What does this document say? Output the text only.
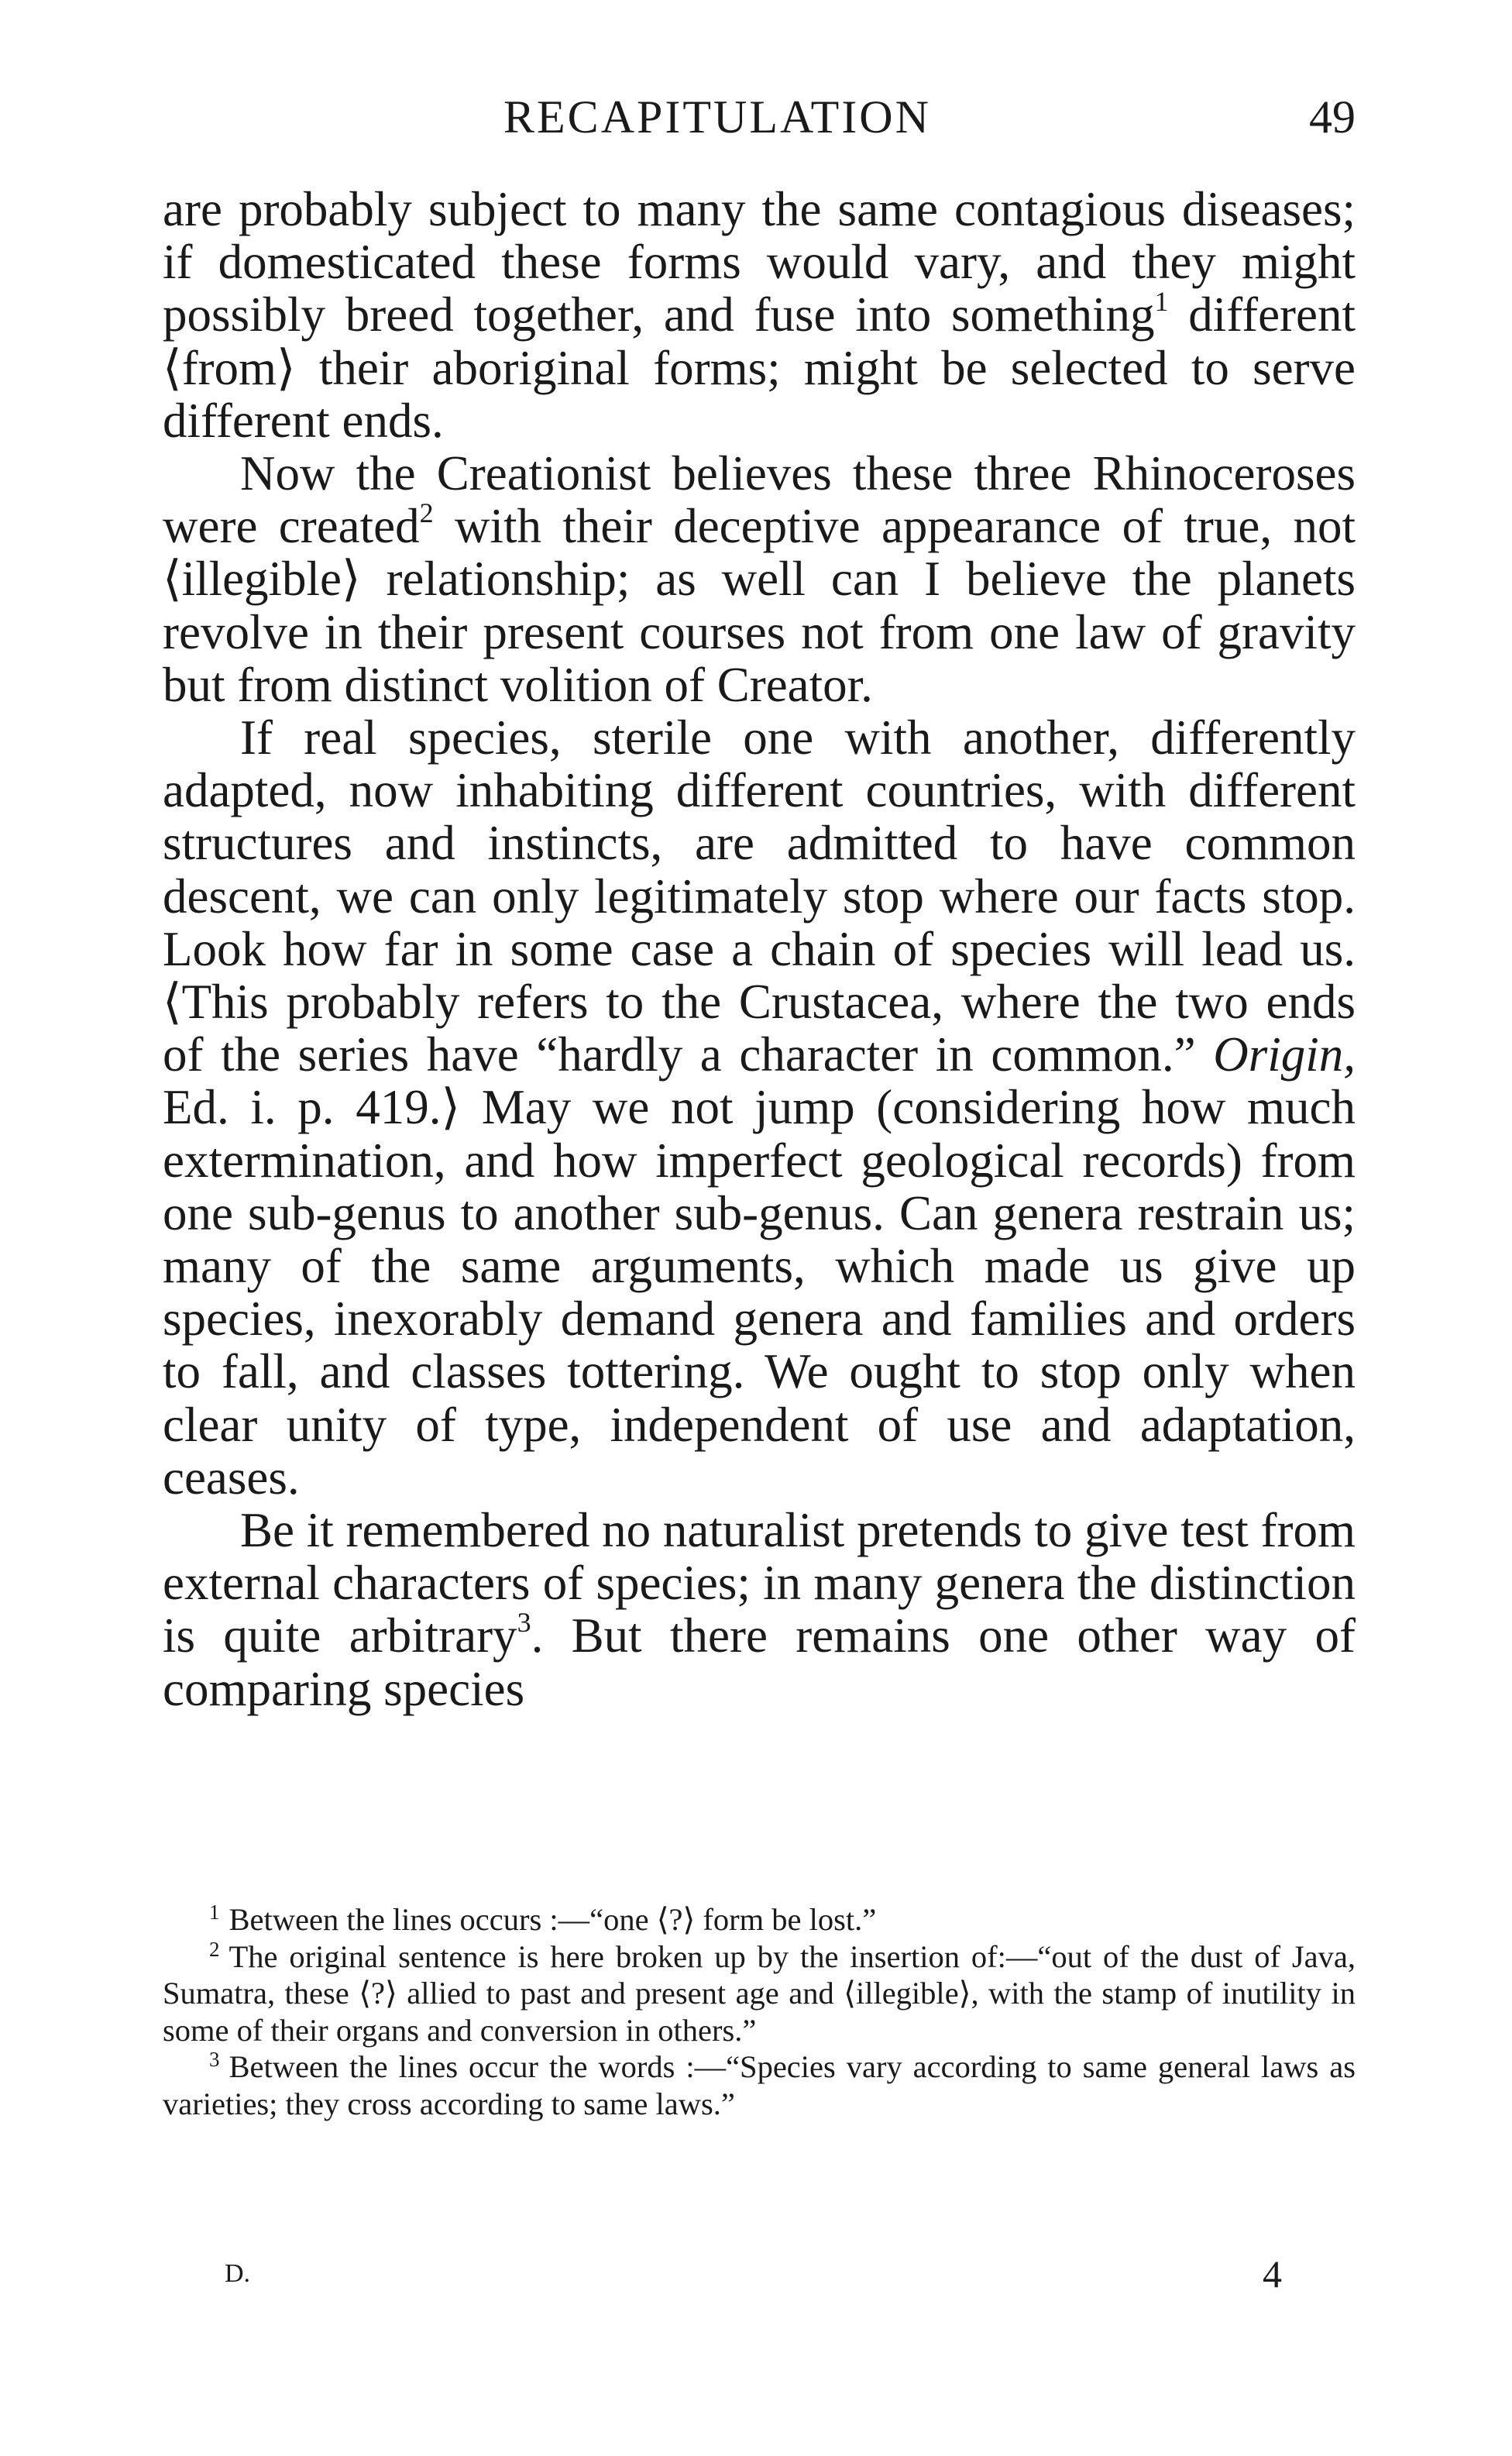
RECAPITULATION	49

are probably subject to many the same contagious diseases; if domesticated these forms would vary, and they might possibly breed together, and fuse into something$^1$ different ⟨from⟩ their aboriginal forms; might be selected to serve different ends.

Now the Creationist believes these three Rhinoceroses were created$^2$ with their deceptive appearance of true, not ⟨illegible⟩ relationship; as well can I believe the planets revolve in their present courses not from one law of gravity but from distinct volition of Creator.

If real species, sterile one with another, differently adapted, now inhabiting different countries, with different structures and instincts, are admitted to have common descent, we can only legitimately stop where our facts stop. Look how far in some case a chain of species will lead us. ⟨This probably refers to the Crustacea, where the two ends of the series have “hardly a character in common.” Origin, Ed. i. p. 419.⟩ May we not jump (considering how much extermination, and how imperfect geological records) from one sub-genus to another sub-genus. Can genera restrain us; many of the same arguments, which made us give up species, inexorably demand genera and families and orders to fall, and classes tottering. We ought to stop only when clear unity of type, independent of use and adaptation, ceases.

Be it remembered no naturalist pretends to give test from external characters of species; in many genera the distinction is quite arbitrary$^3$. But there remains one other way of comparing species

$^1$ Between the lines occurs :—“one ⟨?⟩ form be lost.”

$^2$ The original sentence is here broken up by the insertion of:—“out of the dust of Java, Sumatra, these ⟨?⟩ allied to past and present age and ⟨illegible⟩, with the stamp of inutility in some of their organs and conversion in others.”

$^3$ Between the lines occur the words :—“Species vary according to same general laws as varieties; they cross according to same laws.”

D.	4
